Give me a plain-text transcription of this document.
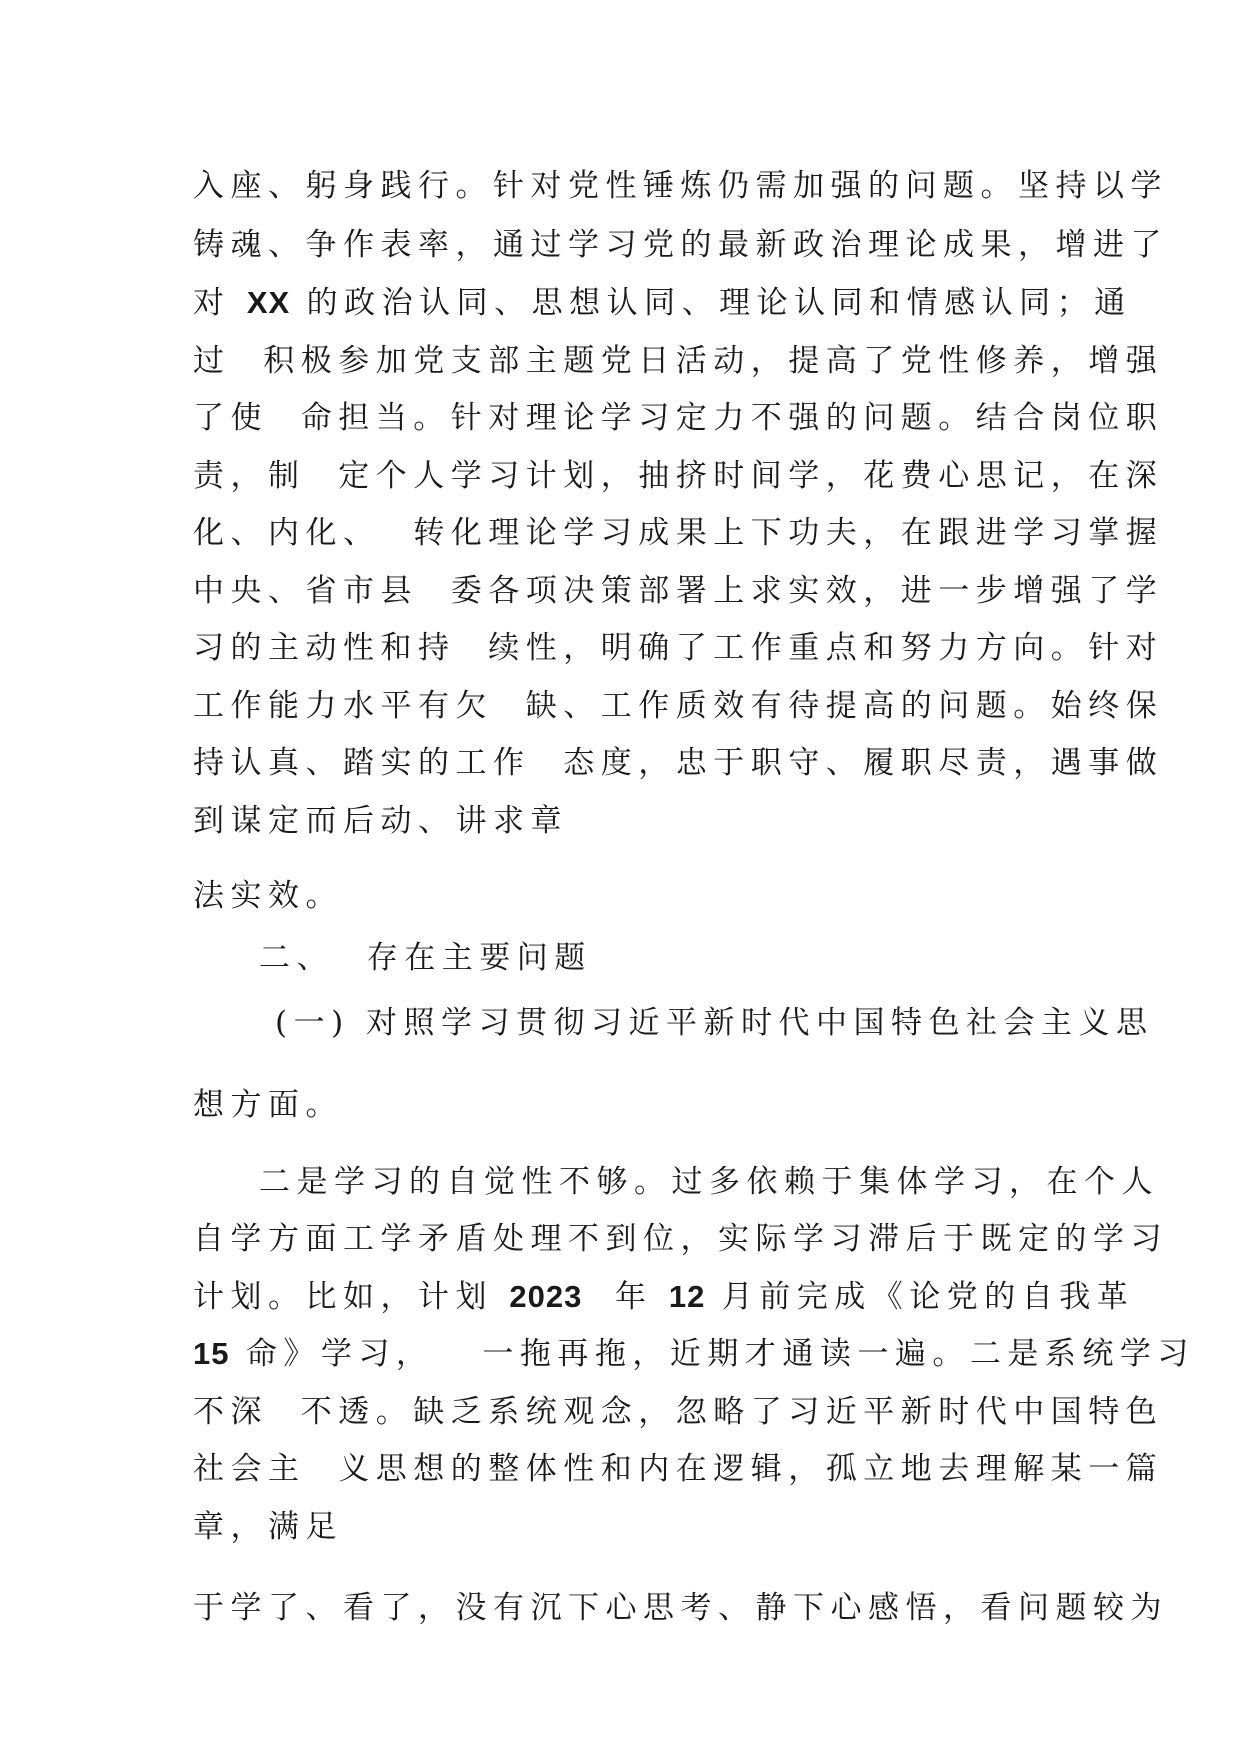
入座、躬身践行。针对党性锤炼仍需加强的问题。坚持以学
铸魂、争作表率，通过学习党的最新政治理论成果，增进了
对 XX 的政治认同、思想认同、理论认同和情感认同；通
过  积极参加党支部主题党日活动，提高了党性修养，增强
了使  命担当。针对理论学习定力不强的问题。结合岗位职
责，制  定个人学习计划，抽挤时间学，花费心思记，在深
化、内化、  转化理论学习成果上下功夫，在跟进学习掌握
中央、省市县  委各项决策部署上求实效，进一步增强了学
习的主动性和持  续性，明确了工作重点和努力方向。针对
工作能力水平有欠  缺、工作质效有待提高的问题。始终保
持认真、踏实的工作  态度，忠于职守、履职尽责，遇事做
到谋定而后动、讲求章
法实效。
二、  存在主要问题
(一) 对照学习贯彻习近平新时代中国特色社会主义思
想方面。
二是学习的自觉性不够。过多依赖于集体学习，在个人
自学方面工学矛盾处理不到位，实际学习滞后于既定的学习
计划。比如，计划 2023  年 12 月前完成《论党的自我革
15 命》学习，   一拖再拖，近期才通读一遍。二是系统学习
不深  不透。缺乏系统观念，忽略了习近平新时代中国特色
社会主  义思想的整体性和内在逻辑，孤立地去理解某一篇
章，满足
于学了、看了，没有沉下心思考、静下心感悟，看问题较为
